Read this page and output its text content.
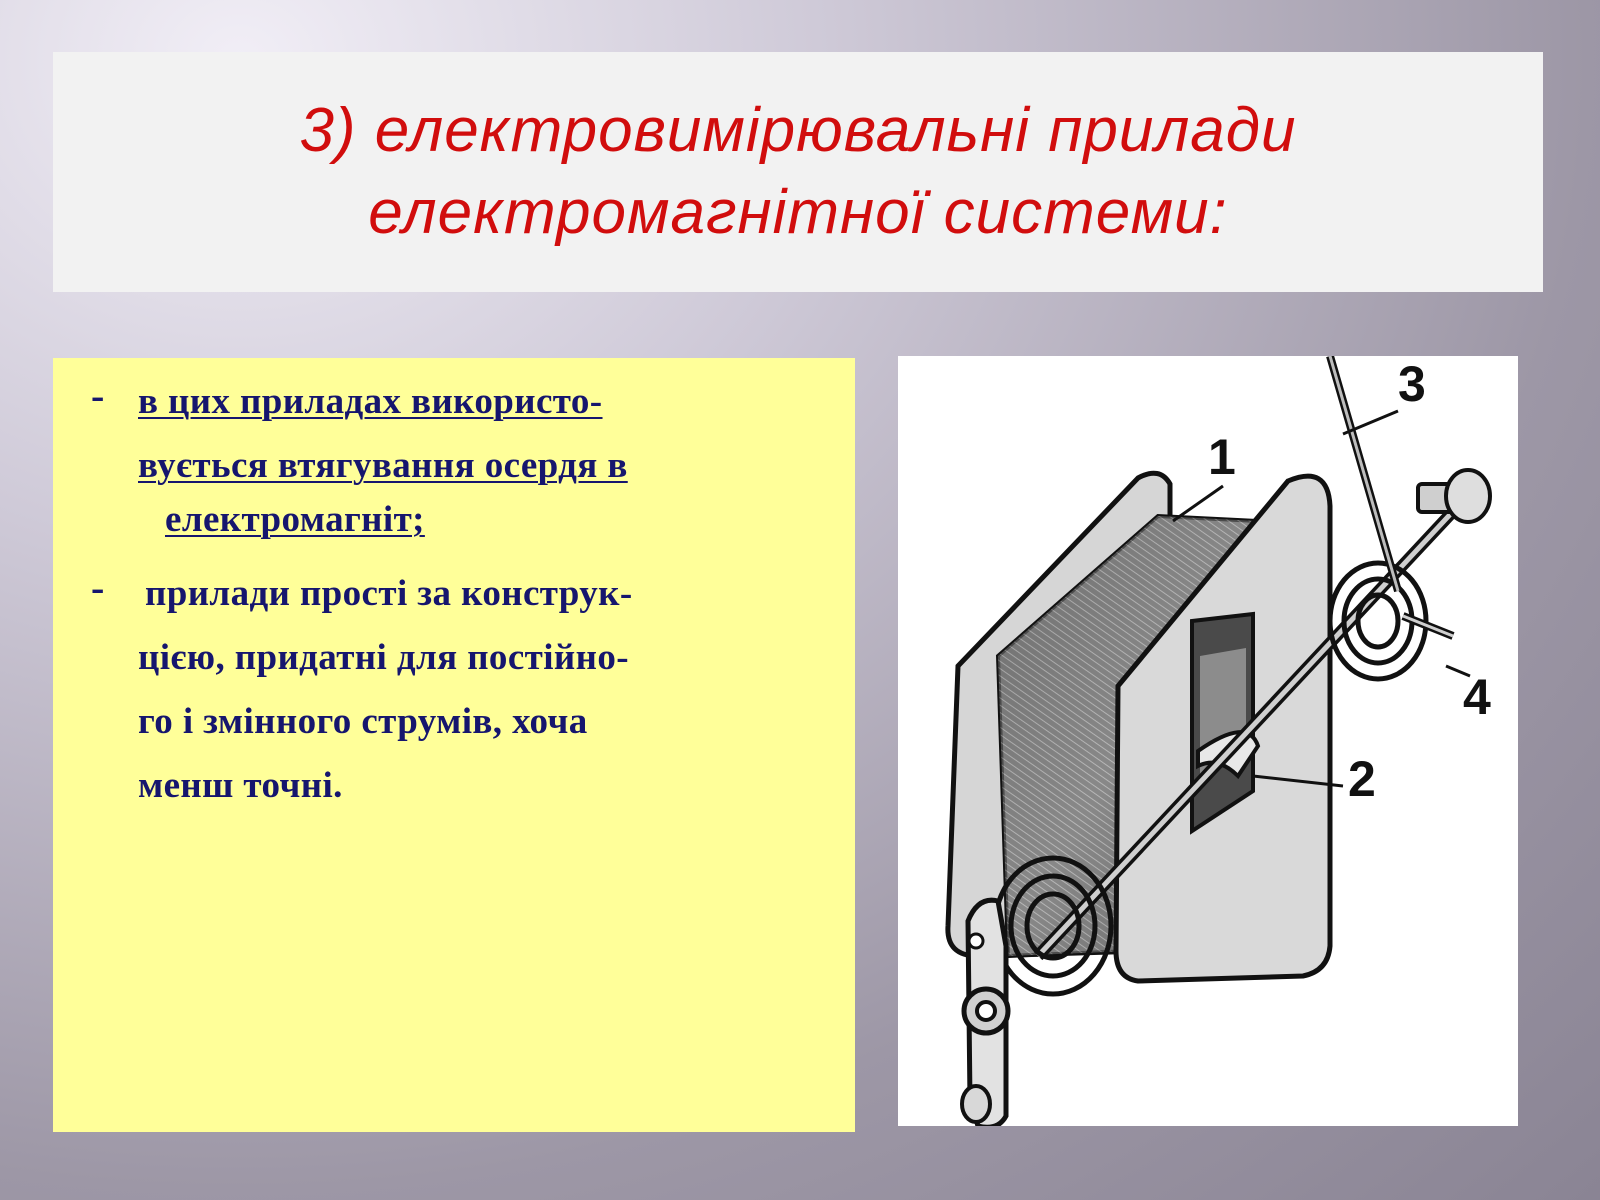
3) електровимірювальні прилади
електромагнітної системи:
- в цих приладах використо-
вується втягування осердя в
електромагніт;
- прилади прості за конструк-
цією, придатні для постійно-
го і змінного струмів, хоча
менш точні.
1
2
3
4
